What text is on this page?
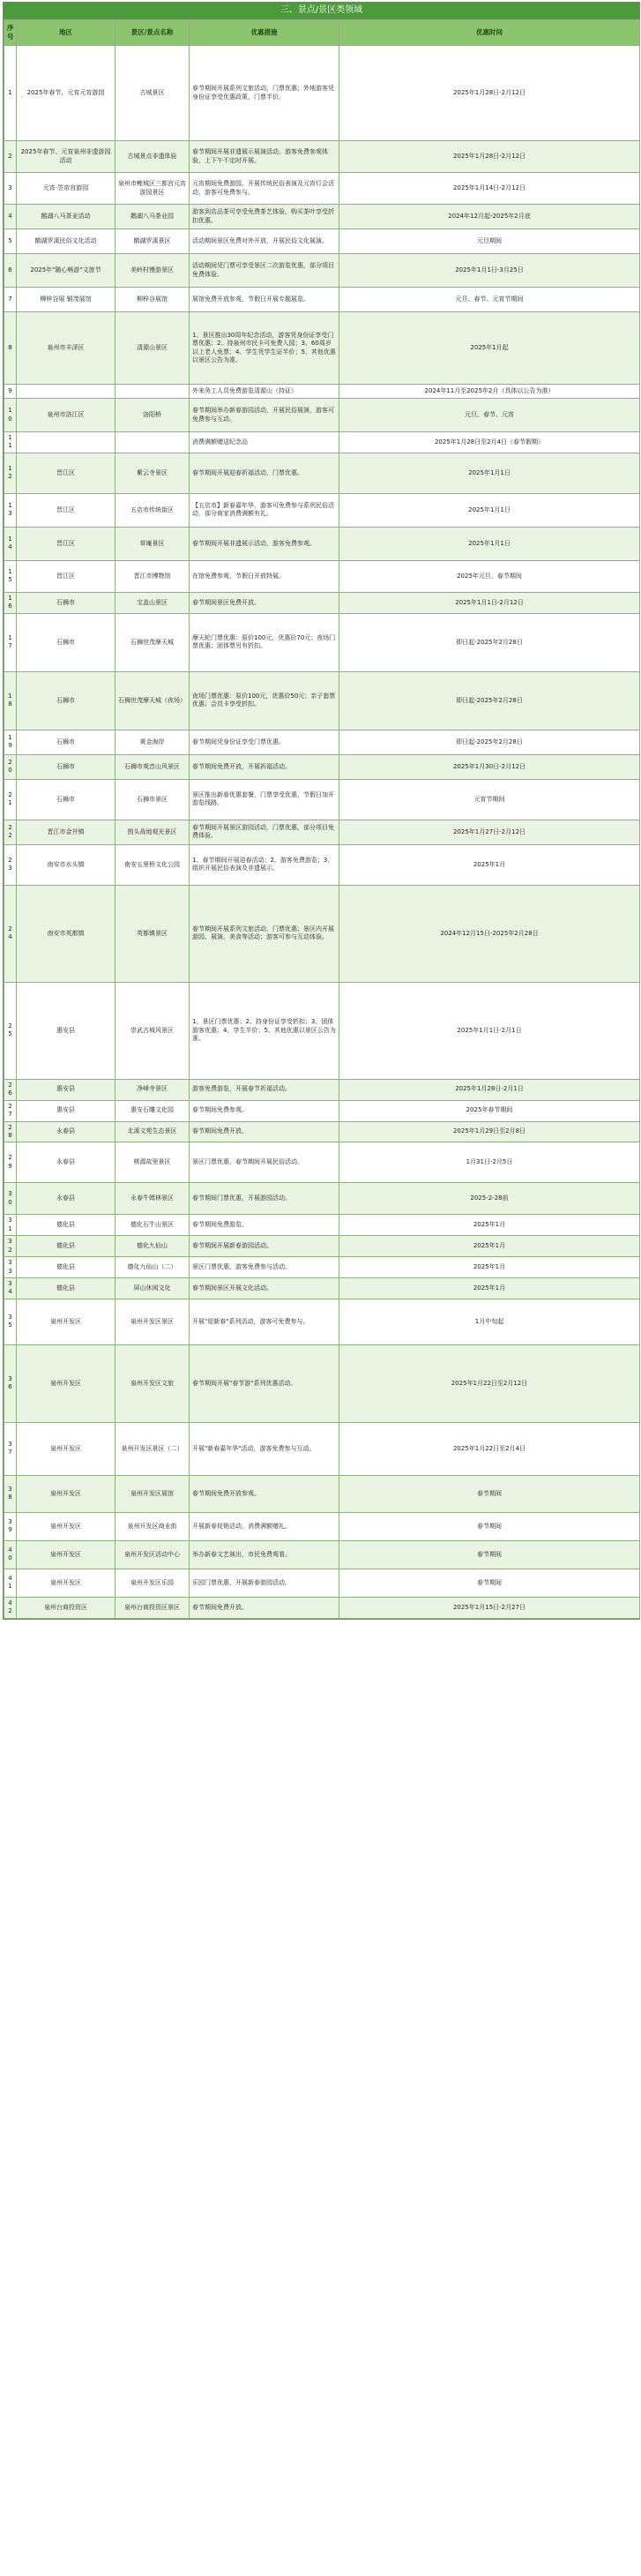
三、景点/景区类领域
序号	地区	景区/景点名称	优惠措施	优惠时间
1	2025年春节，元宵元宵游园	古城景区	春节期间开展系列文旅活动，门票优惠；外地游客凭身份证享受优惠政策，门票半价。	2025年1月28日-2月12日
2	2025年春节、元宵泉州非遗游园活动	古城景点非遗体验	春节期间开展非遗展示展演活动，游客免费参观体验，上下午不定时开展。	2025年1月28日-2月12日
3	元宵·笠帝宫游园	泉州市鲤城区三都宫元宵游园景区	元宵期间免费游园，开展传统民俗表演及元宵灯会活动，游客可免费参与。	2025年1月14日-2月12日
4	鹅湖八马茶业活动	鹅湖八马茶业园	游客到店品茶可享受免费茶艺体验，购买茶叶享受折扣优惠。	2024年12月起-2025年2月底
5	鹅湖罗溪民俗文化活动	鹅湖罗溪景区	活动期间景区免费对外开放，开展民俗文化展演。	元旦期间
6	2025年"随心畅游"文旅节	美岭村慢游景区	活动期间凭门票可享受景区二次游览优惠，部分项目免费体验。	2025年1月1日-3月25日
7	柳梓谷展 铜茂展馆	柳梓谷展馆	展馆免费开放参观，节假日开展专题展览。	元旦、春节、元宵节期间
8	泉州市丰泽区	清源山景区	1、景区推出30周年纪念活动，游客凭身份证享受门票优惠；2、持泉州市民卡可免费入园；3、60周岁以上老人免票；4、学生凭学生证半价；5、其他优惠以景区公告为准。	2025年1月起
9			外来务工人员免费游览清源山（持证）	2024年11月至2025年2月（具体以公告为准）
10	泉州市洛江区	洛阳桥	春节期间举办新春游园活动，开展民俗展演，游客可免费参与互动。	元旦、春节、元宵
11			消费满额赠送纪念品	2025年1月28日至2月4日（春节假期）
12	晋江区	紫云寺景区	春节期间开展迎春祈福活动，门票优惠。	2025年1月1日
13	晋江区	五店市传统街区	【五店市】新春嘉年华，游客可免费参与系列民俗活动，部分商家消费满额有礼。	2025年1月1日
14	晋江区	草庵景区	春节期间开展非遗展示活动，游客免费参观。	2025年1月1日
15	晋江区	晋江市博物馆	在馆免费参观，节假日开放特展。	2025年元旦、春节期间
16	石狮市	宝盖山景区	春节期间景区免费开放。	2025年1月1日-2月12日
17	石狮市	石狮世茂摩天城	摩天轮门票优惠：原价100元，优惠价70元；夜场门票优惠；团体票另有折扣。	即日起-2025年2月28日
18	石狮市	石狮世茂摩天城（夜场）	夜场门票优惠：原价100元，优惠价50元；亲子套票优惠；会员卡享受折扣。	即日起-2025年2月28日
19	石狮市	黄金海岸	春节期间凭身份证享受门票优惠。	即日起-2025年2月28日
20	石狮市	石狮市观音山风景区	春节期间免费开放，开展祈福活动。	2025年1月30日-2月12日
21	石狮市	石狮市景区	景区推出新春优惠套餐，门票享受优惠，节假日加开游览线路。	元宵节期间
22	晋江市金井镇	围头战地观光景区	春节期间开展景区游园活动，门票优惠，部分项目免费体验。	2025年1月27日-2月12日
23	南安市水头镇	南安五里桥文化公园	1、春节期间开展迎春活动；2、游客免费游览；3、组织开展民俗表演及非遗展示。	2025年1月
24	南安市英都镇	英都镇景区	春节期间开展系列文旅活动，门票优惠；景区内开展游园、展演、美食等活动；游客可参与互动体验。	2024年12月15日-2025年2月28日
25	惠安县	崇武古城风景区	1、景区门票优惠；2、持身份证享受折扣；3、团体游客优惠；4、学生半价；5、其他优惠以景区公告为准。	2025年1月1日-2月1日
26	惠安县	净峰寺景区	游客免费游览，开展春节祈福活动。	2025年1月28日-2月1日
27	惠安县	惠安石雕文化园	春节期间免费参观。	2025年春节期间
28	永春县	北溪文苑生态景区	春节期间免费开放。	2025年1月29日至2月8日
29	永春县	桃源故里景区	景区门票优惠，春节期间开展民俗活动。	1月31日-2月5日
30	永春县	永春牛姆林景区	春节期间门票优惠，开展游园活动。	2025-2-28前
31	德化县	德化石牛山景区	春节期间免费游览。	2025年1月
32	德化县	德化九仙山	春节期间开展新春游园活动。	2025年1月
33	德化县	德化九仙山（二）	景区门票优惠，游客免费参与活动。	2025年1月
34	德化县	屏山休闲文化	春节期间景区开展文化活动。	2025年1月
35	泉州开发区	泉州开发区景区	开展"迎新春"系列活动，游客可免费参与。	1月中旬起
36	泉州开发区	泉州开发区文旅	春节期间开展"春节游"系列优惠活动。	2025年1月22日至2月12日
37	泉州开发区	泉州开发区景区（二）	开展"新春嘉年华"活动，游客免费参与互动。	2025年1月22日至2月4日
38	泉州开发区	泉州开发区展馆	春节期间免费开放参观。	春节期间
39	泉州开发区	泉州开发区商业街	开展新春促销活动，消费满额赠礼。	春节期间
40	泉州开发区	泉州开发区活动中心	举办新春文艺演出，市民免费观看。	春节期间
41	泉州开发区	泉州开发区乐园	乐园门票优惠，开展新春游园活动。	春节期间
42	泉州台商投资区	泉州台商投资区景区	春节期间免费开放。	2025年1月15日-2月27日
